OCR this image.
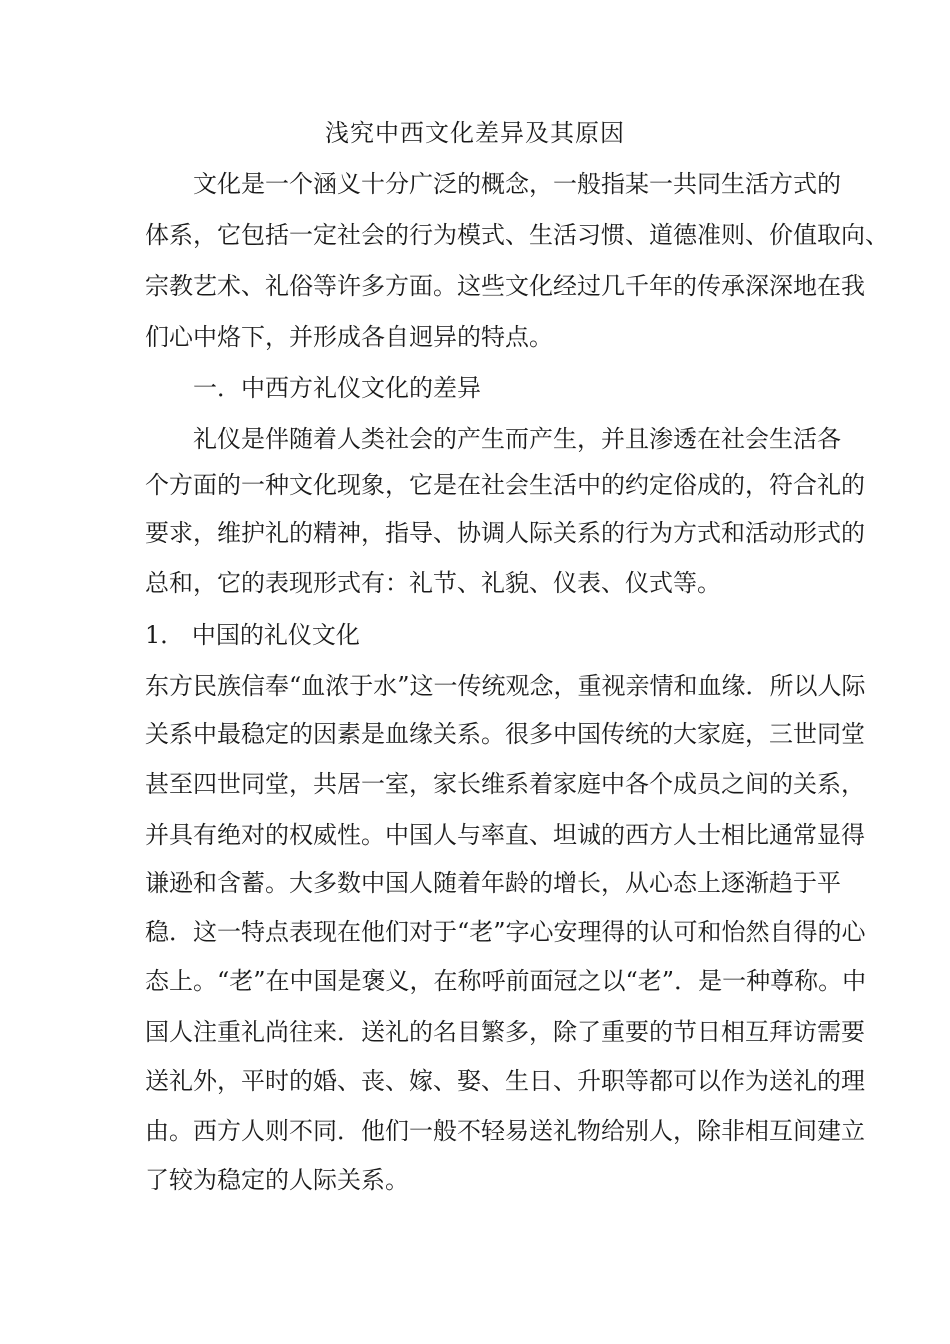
浅究中西文化差异及其原因
文化是一个涵义十分广泛的概念，一般指某一共同生活方式的
体系，它包括一定社会的行为模式、生活习惯、道德准则、价值取向、
宗教艺术、礼俗等许多方面。这些文化经过几千年的传承深深地在我
们心中烙下，并形成各自迥异的特点。
一．中西方礼仪文化的差异
礼仪是伴随着人类社会的产生而产生，并且渗透在社会生活各
个方面的一种文化现象，它是在社会生活中的约定俗成的，符合礼的
要求，维护礼的精神，指导、协调人际关系的行为方式和活动形式的
总和，它的表现形式有：礼节、礼貌、仪表、仪式等。
1． 中国的礼仪文化
东方民族信奉“血浓于水”这一传统观念，重视亲情和血缘．所以人际
关系中最稳定的因素是血缘关系。很多中国传统的大家庭，三世同堂
甚至四世同堂，共居一室，家长维系着家庭中各个成员之间的关系，
并具有绝对的权威性。中国人与率直、坦诚的西方人士相比通常显得
谦逊和含蓄。大多数中国人随着年龄的增长，从心态上逐渐趋于平
稳．这一特点表现在他们对于“老”字心安理得的认可和怡然自得的心
态上。“老”在中国是褒义，在称呼前面冠之以“老”．是一种尊称。中
国人注重礼尚往来．送礼的名目繁多，除了重要的节日相互拜访需要
送礼外，平时的婚、丧、嫁、娶、生日、升职等都可以作为送礼的理
由。西方人则不同．他们一般不轻易送礼物给别人，除非相互间建立
了较为稳定的人际关系。
